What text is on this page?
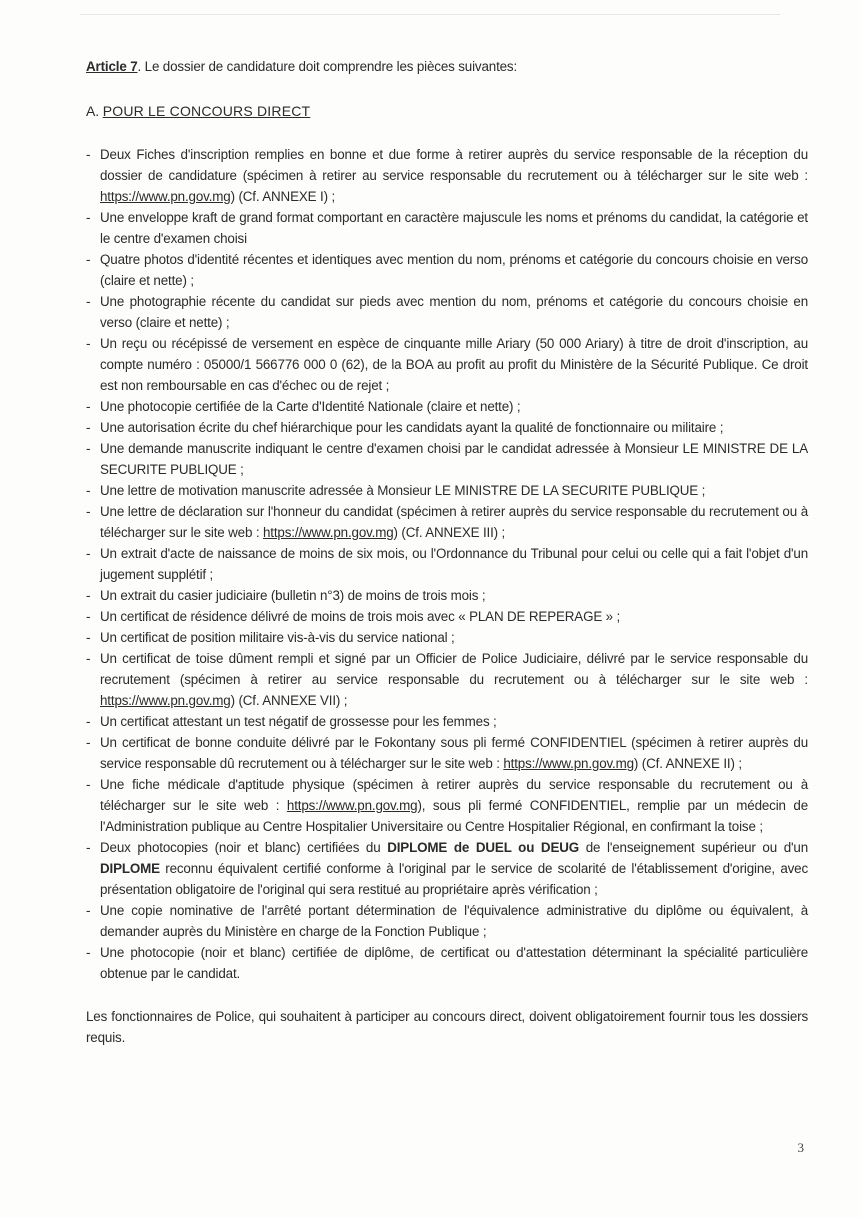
Article 7. Le dossier de candidature doit comprendre les pièces suivantes:

A. POUR LE CONCOURS DIRECT

- Deux Fiches d'inscription remplies en bonne et due forme à retirer auprès du service responsable de la réception du dossier de candidature (spécimen à retirer au service responsable du recrutement ou à télécharger sur le site web : https://www.pn.gov.mg) (Cf. ANNEXE I) ;
- Une enveloppe kraft de grand format comportant en caractère majuscule les noms et prénoms du candidat, la catégorie et le centre d'examen choisi
- Quatre photos d'identité récentes et identiques avec mention du nom, prénoms et catégorie du concours choisie en verso (claire et nette) ;
- Une photographie récente du candidat sur pieds avec mention du nom, prénoms et catégorie du concours choisie en verso (claire et nette) ;
- Un reçu ou récépissé de versement en espèce de cinquante mille Ariary (50 000 Ariary) à titre de droit d'inscription, au compte numéro : 05000/1 566776 000 0 (62), de la BOA au profit au profit du Ministère de la Sécurité Publique. Ce droit est non remboursable en cas d'échec ou de rejet ;
- Une photocopie certifiée de la Carte d'Identité Nationale (claire et nette) ;
- Une autorisation écrite du chef hiérarchique pour les candidats ayant la qualité de fonctionnaire ou militaire ;
- Une demande manuscrite indiquant le centre d'examen choisi par le candidat adressée à Monsieur LE MINISTRE DE LA SECURITE PUBLIQUE ;
- Une lettre de motivation manuscrite adressée à Monsieur LE MINISTRE DE LA SECURITE PUBLIQUE ;
- Une lettre de déclaration sur l'honneur du candidat (spécimen à retirer auprès du service responsable du recrutement ou à télécharger sur le site web : https://www.pn.gov.mg) (Cf. ANNEXE III) ;
- Un extrait d'acte de naissance de moins de six mois, ou l'Ordonnance du Tribunal pour celui ou celle qui a fait l'objet d'un jugement supplétif ;
- Un extrait du casier judiciaire (bulletin n°3) de moins de trois mois ;
- Un certificat de résidence délivré de moins de trois mois avec « PLAN DE REPERAGE » ;
- Un certificat de position militaire vis-à-vis du service national ;
- Un certificat de toise dûment rempli et signé par un Officier de Police Judiciaire, délivré par le service responsable du recrutement (spécimen à retirer au service responsable du recrutement ou à télécharger sur le site web : https://www.pn.gov.mg) (Cf. ANNEXE VII) ;
- Un certificat attestant un test négatif de grossesse pour les femmes ;
- Un certificat de bonne conduite délivré par le Fokontany sous pli fermé CONFIDENTIEL (spécimen à retirer auprès du service responsable dû recrutement ou à télécharger sur le site web : https://www.pn.gov.mg) (Cf. ANNEXE II) ;
- Une fiche médicale d'aptitude physique (spécimen à retirer auprès du service responsable du recrutement ou à télécharger sur le site web : https://www.pn.gov.mg), sous pli fermé CONFIDENTIEL, remplie par un médecin de l'Administration publique au Centre Hospitalier Universitaire ou Centre Hospitalier Régional, en confirmant la toise ;
- Deux photocopies (noir et blanc) certifiées du DIPLOME de DUEL ou DEUG de l'enseignement supérieur ou d'un DIPLOME reconnu équivalent certifié conforme à l'original par le service de scolarité de l'établissement d'origine, avec présentation obligatoire de l'original qui sera restitué au propriétaire après vérification ;
- Une copie nominative de l'arrêté portant détermination de l'équivalence administrative du diplôme ou équivalent, à demander auprès du Ministère en charge de la Fonction Publique ;
- Une photocopie (noir et blanc) certifiée de diplôme, de certificat ou d'attestation déterminant la spécialité particulière obtenue par le candidat.

Les fonctionnaires de Police, qui souhaitent à participer au concours direct, doivent obligatoirement fournir tous les dossiers requis.

3
